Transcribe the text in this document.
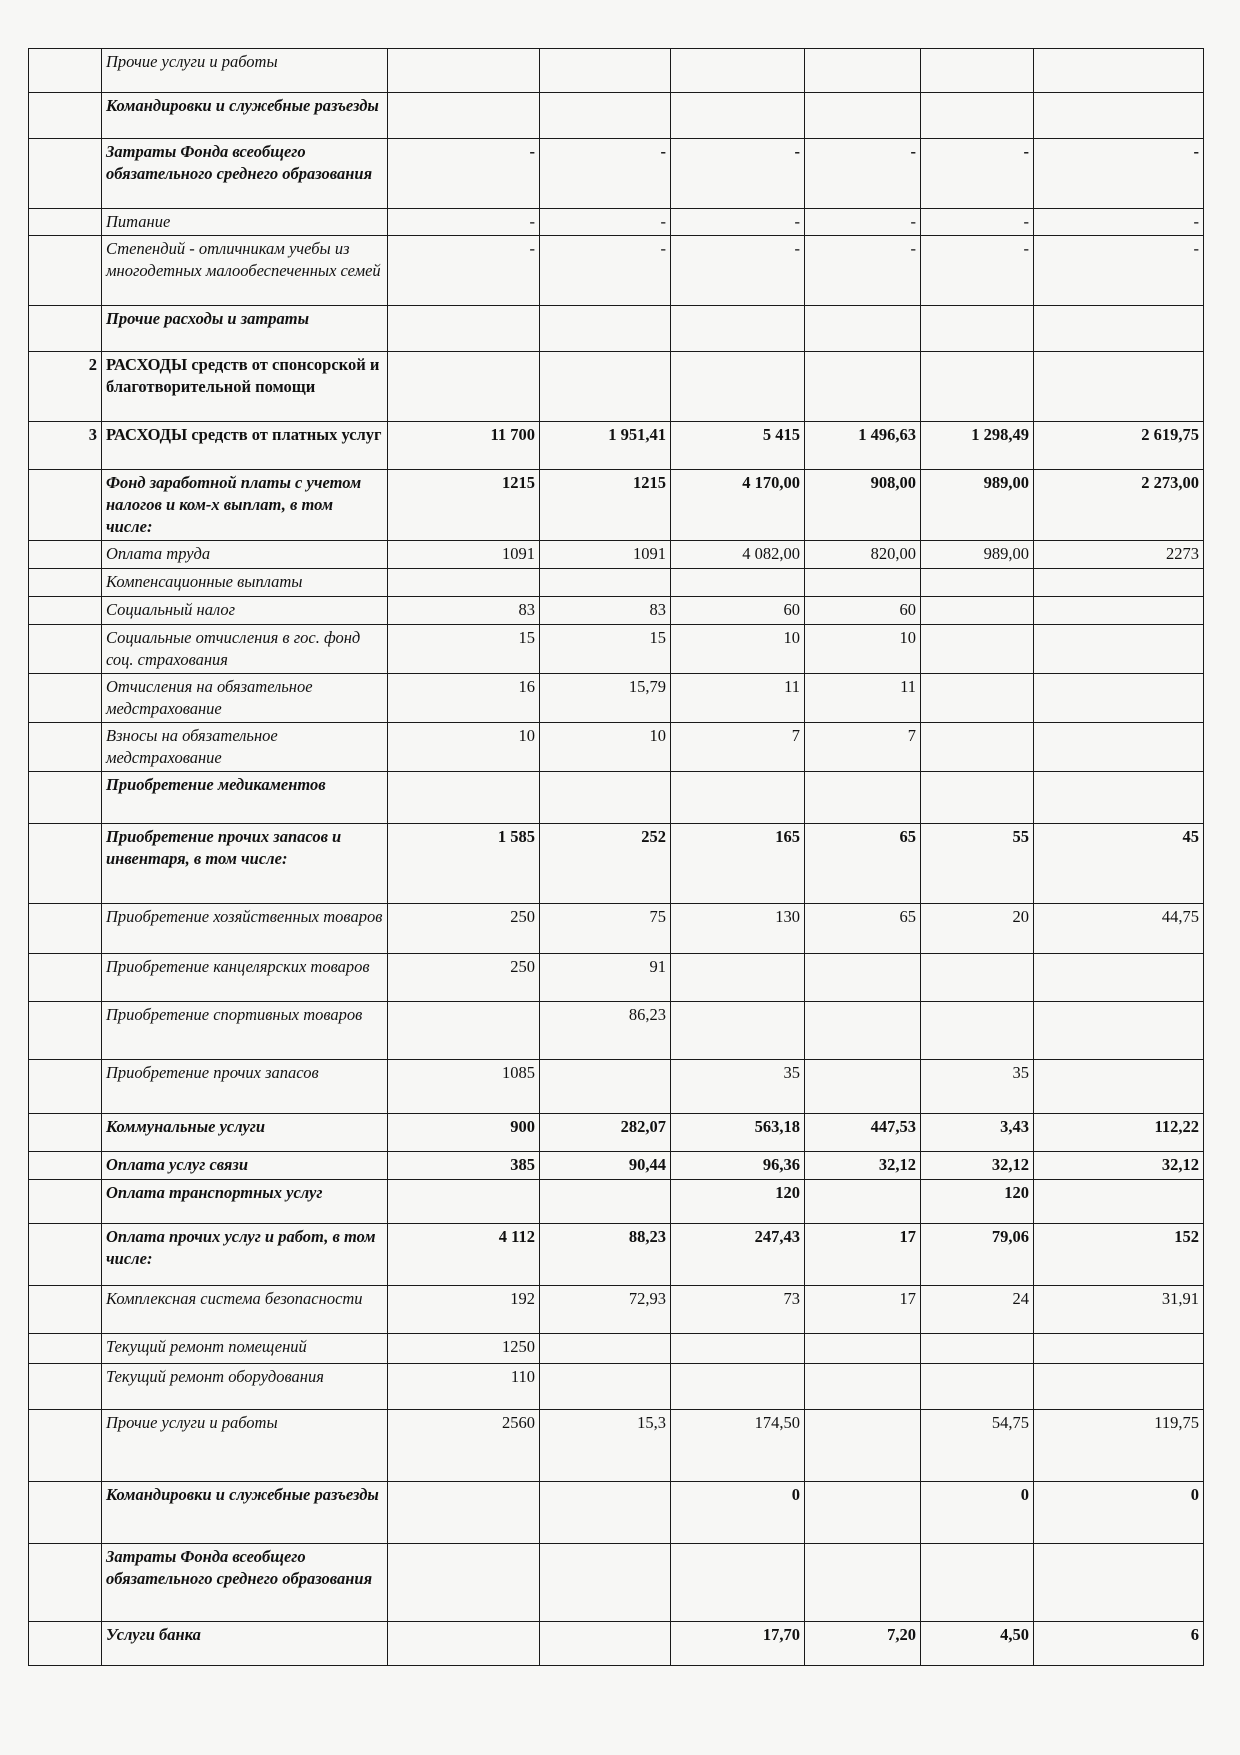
	Прочие услуги и работы						
	Командировки и служебные разъезды						
	Затраты Фонда всеобщего обязательного среднего образования	-	-	-	-	-	-
	Питание	-	-	-	-	-	-
	Степендий - отличникам учебы из многодетных малообеспеченных семей	-	-	-	-	-	-
	Прочие расходы и затраты						
2	РАСХОДЫ средств от спонсорской и благотворительной помощи						
3	РАСХОДЫ средств от платных услуг	11 700	1 951,41	5 415	1 496,63	1 298,49	2 619,75
	Фонд заработной платы с учетом налогов и ком-х выплат, в том числе:	1215	1215	4 170,00	908,00	989,00	2 273,00
	Оплата труда	1091	1091	4 082,00	820,00	989,00	2273
	Компенсационные выплаты						
	Социальный налог	83	83	60	60		
	Социальные отчисления в гос. фонд соц. страхования	15	15	10	10		
	Отчисления на обязательное медстрахование	16	15,79	11	11		
	Взносы на обязательное медстрахование	10	10	7	7		
	Приобретение медикаментов						
	Приобретение прочих запасов и инвентаря, в том числе:	1 585	252	165	65	55	45
	Приобретение хозяйственных товаров	250	75	130	65	20	44,75
	Приобретение канцелярских товаров	250	91				
	Приобретение спортивных товаров		86,23				
	Приобретение прочих запасов	1085		35		35	
	Коммунальные услуги	900	282,07	563,18	447,53	3,43	112,22
	Оплата услуг связи	385	90,44	96,36	32,12	32,12	32,12
	Оплата транспортных услуг			120		120	
	Оплата прочих услуг и работ, в том числе:	4 112	88,23	247,43	17	79,06	152
	Комплексная система безопасности	192	72,93	73	17	24	31,91
	Текущий ремонт помещений	1250					
	Текущий ремонт оборудования	110					
	Прочие услуги и работы	2560	15,3	174,50		54,75	119,75
	Командировки и служебные разъезды			0		0	0
	Затраты Фонда всеобщего обязательного среднего образования						
	Услуги банка			17,70	7,20	4,50	6
